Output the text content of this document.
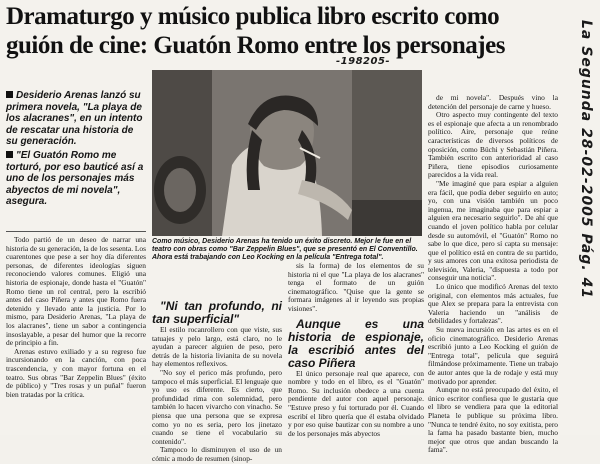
Dramaturgo y músico publica libro escrito como guión de cine: Guatón Romo entre los personajes
-198205-	La Segunda 28-02-2005 Pág. 41

Desiderio Arenas lanzó su primera novela, "La playa de los alacranes", en un intento de rescatar una historia de su generación.

"El Guatón Romo me torturó, por eso bauticé así a uno de los personajes más abyectos de mi novela", asegura.

Todo partió de un deseo de narrar una historia de su generación, la de los sesenta. Los cuarentones que pese a ser hoy día diferentes personas, de diferentes ideologías siguen reconociendo valores comunes. Eligió una historia de espionaje, donde hasta el "Guatón" Romo tiene un rol central, pero la escribió antes del caso Piñera y antes que Romo fuera detenido y llevado ante la justicia. Por lo mismo, para Desiderio Arenas, "La playa de los alacranes", tiene un sabor a contingencia insoslayable, a pesar del humor que la recorre de principio a fin.

Arenas estuvo exiliado y a su regreso fue incursionando en la canción, con poca trascendencia, y con mayor fortuna en el teatro. Sus obras "Bar Zeppelin Blues" (éxito de público) y "Tres rosas y un puñal" fueron bien tratadas por la crítica.

Como músico, Desiderio Arenas ha tenido un éxito discreto. Mejor le fue en el teatro con obras como "Bar Zeppelin Blues", que se presentó en El Conventillo. Ahora está trabajando con Leo Kocking en la película "Entrega total".

"Ni tan profundo, ni tan superficial"

El estilo rocanrollero con que viste, sus tatuajes y pelo largo, está claro, no le ayudan a parecer alguien de peso, pero detrás de la historia livianita de su novela hay elementos reflexivos.

"No soy el perico más profundo, pero tampoco el más superficial. El lenguaje que yo uso es diferente. Es cierto, que profundidad rima con solemnidad, pero también lo hacen vivarcho con vinacho. Se piensa que una persona que se expresa como yo no es seria, pero los jinetazo cuando se tiene el vocabulario su contenido".

Tampoco lo disminuyen el uso de un cómic a modo de resumen (sinop-

sis la forma) de los elementos de su historia ni el que "La playa de los alacranes" tenga el formato de un guión cinematográfico. "Quise que la gente se formara imágenes al ir leyendo sus propias visiones".

Aunque es una historia de espionaje, la escribió antes del caso Piñera

El único personaje real que aparece, con nombre y todo en el libro, es el "Guatón" Romo. Su inclusión obedece a una cuenta pendiente del autor con aquel personaje. "Estuve preso y fui torturado por él. Cuando escribí el libro quería que él estaba olvidado y por eso quise bautizar con su nombre a uno de los personajes más abyectos

de mi novela". Después vino la detención del personaje de carne y hueso.

Otro aspecto muy contingente del texto es el espionaje que afecta a un renombrado político. Aire, personaje que reúne características de diversos políticos de oposición, como Büchi y Sebastián Piñera. También escrito con anterioridad al caso Piñera, tiene episodios curiosamente parecidos a la vida real.

"Me imaginé que para espiar a alguien era fácil, que podía deber seguirlo en auto; yo, con una visión también un poco ingenua, me imaginaba que para espiar a alguien era necesario seguirlo". De ahí que cuando el joven político habla por celular desde su automóvil, el "Guatón" Romo no sabe lo que dice, pero sí capta su mensaje: que el político está en contra de su partido, y sus amores con una exitosa periodista de televisión, Valeria, "dispuesta a todo por conseguir una noticia".

Lo único que modificó Arenas del texto original, con elementos más actuales, fue que Alex se prepara para la entrevista con Valeria haciendo un "análisis de debilidades y fortalezas".

Su nueva incursión en las artes es en el oficio cinematográfico. Desiderio Arenas escribió junto a Leo Kocking el guión de "Entrega total", película que seguirá filmándose próximamente. Tiene un trabajo de autor antes que la de rodaje y está muy motivado por aprender.

Aunque no está preocupado del éxito, el único escritor confiesa que le gustaría que el libro se vendiera para que la editorial Planeta le publique su próxima libro. "Nunca te tendré éxito, no soy exitista, pero la fama ha pasado bastante bien, mucho mejor que otros que andan buscando la fama".
